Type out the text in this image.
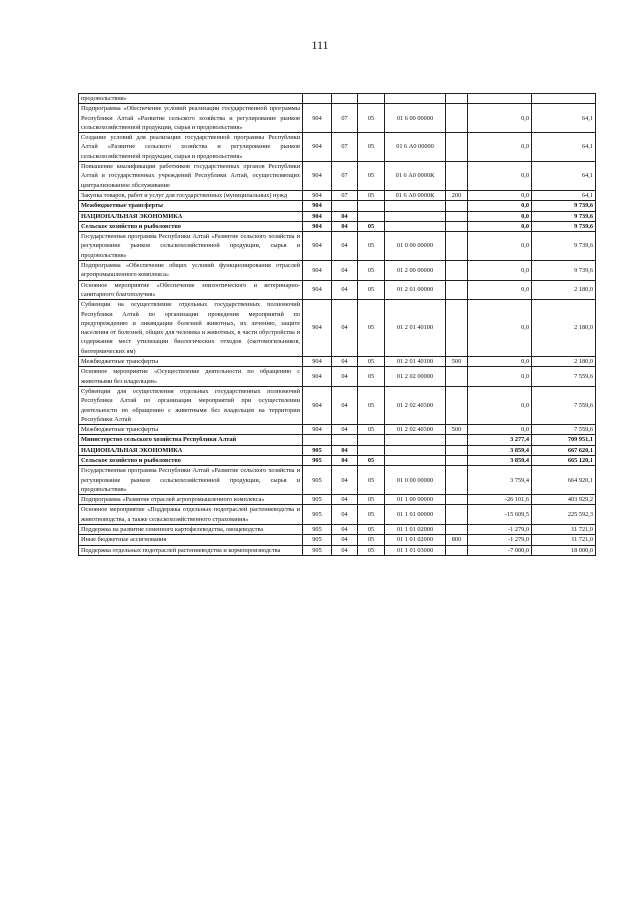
111
продовольствия»							
Подпрограмма «Обеспечение условий реализации государственной программы Республики Алтай «Развитие сельского хозяйства и регулирование рынков сельскохозяйственной продукции, сырья и продовольствия»	904	07	05	01 6 00 00000		0,0	64,1
Создание условий для реализации государственной программы Республики Алтай «Развитие сельского хозяйства и регулирование рынков сельскохозяйственной продукции, сырья и продовольствия»	904	07	05	01 6 А0 00000		0,0	64,1
Повышение квалификации работников государственных органов Республики Алтай и государственных учреждений Республики Алтай, осуществляющих централизованное обслуживание	904	07	05	01 6 А0 0000К		0,0	64,1
Закупка товаров, работ и услуг для государственных (муниципальных) нужд	904	07	05	01 6 А0 0000К	200	0,0	64,1
Межбюджетные трансферты	904					0,0	9 739,6
НАЦИОНАЛЬНАЯ ЭКОНОМИКА	904	04				0,0	9 739,6
Сельское хозяйство и рыболовство	904	04	05			0,0	9 739,6
Государственная программа Республики Алтай «Развитие сельского хозяйства и регулирование рынков сельскохозяйственной продукции, сырья и продовольствия»	904	04	05	01 0 00 00000		0,0	9 739,6
Подпрограмма «Обеспечение общих условий функционирования отраслей агропромышленного комплекса»	904	04	05	01 2 00 00000		0,0	9 739,6
Основное мероприятие «Обеспечение эпизоотического и ветеринарно-санитарного благополучия»	904	04	05	01 2 01 00000		0,0	2 180,0
Субвенции на осуществление отдельных государственных полномочий Республики Алтай по организации проведения мероприятий по предупреждению и ликвидации болезней животных, их лечению, защите населения от болезней, общих для человека и животных, в части обустройства и содержания мест утилизации биологических отходов (скотомогильников, биотермических ям)	904	04	05	01 2 01 40100		0,0	2 180,0
Межбюджетные трансферты	904	04	05	01 2 01 40100	500	0,0	2 180,0
Основное мероприятие «Осуществление деятельности по обращению с животными без владельцев»	904	04	05	01 2 02 00000		0,0	7 559,6
Субвенции для осуществления отдельных государственных полномочий Республики Алтай по организации мероприятий при осуществлении деятельности по обращению с животными без владельцев на территории Республики Алтай	904	04	05	01 2 02 40300		0,0	7 559,6
Межбюджетные трансферты	904	04	05	01 2 02 40300	500	0,0	7 559,6
Министерство сельского хозяйства Республики Алтай						3 277,4	709 951,1
НАЦИОНАЛЬНАЯ ЭКОНОМИКА	905	04				3 859,4	667 620,1
Сельское хозяйство и рыболовство	905	04	05			3 859,4	665 120,1
Государственная программа Республики Алтай «Развитие сельского хозяйства и регулирование рынков сельскохозяйственной продукции, сырья и продовольствия»	905	04	05	01 0 00 00000		3 759,4	664 920,1
Подпрограмма «Развитие отраслей агропромышленного комплекса»	905	04	05	01 1 00 00000		-26 101,6	403 929,2
Основное мероприятие «Поддержка отдельных подотраслей растениеводства и животноводства, а также сельскохозяйственного страхования»	905	04	05	01 1 01 00000		-15 609,5	225 592,3
Поддержка на развитие семенного картофелеводства, овощеводства	905	04	05	01 1 01 02000		-1 279,0	11 721,0
Иные бюджетные ассигнования	905	04	05	01 1 01 02000	800	-1 279,0	11 721,0
Поддержка отдельных подотраслей растениеводства и кормопроизводства	905	04	05	01 1 01 03000		-7 000,0	18 000,0
